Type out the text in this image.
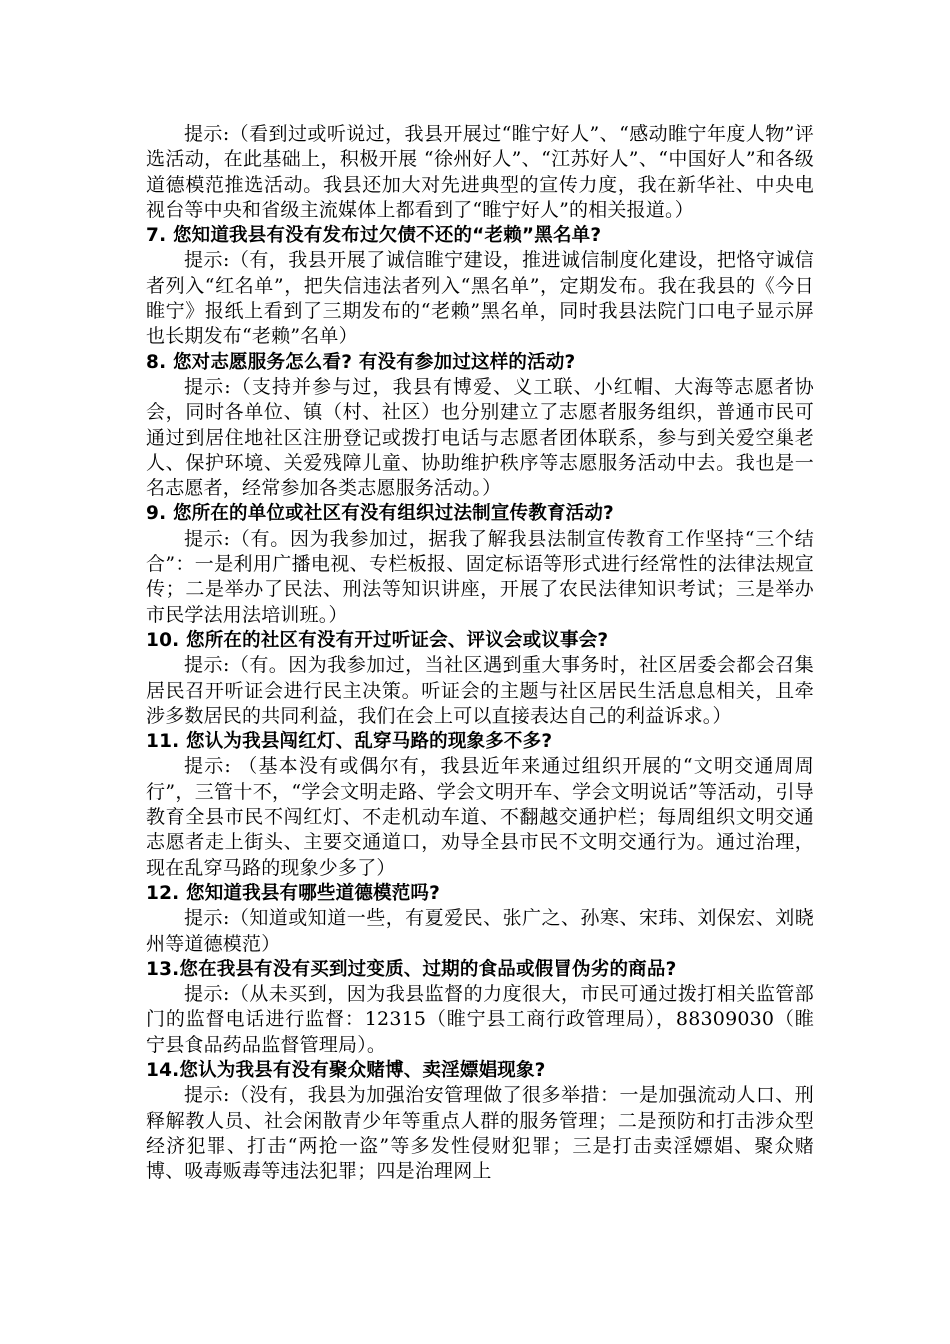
提示:（看到过或听说过，我县开展过“睢宁好人”、“感动睢宁年度人物”评选活动，在此基础上，积极开展 “徐州好人”、“江苏好人”、“中国好人”和各级道德模范推选活动。我县还加大对先进典型的宣传力度，我在新华社、中央电视台等中央和省级主流媒体上都看到了“睢宁好人”的相关报道。）

7. 您知道我县有没有发布过欠债不还的“老赖”黑名单?

提示:（有，我县开展了诚信睢宁建设，推进诚信制度化建设，把恪守诚信者列入“红名单”，把失信违法者列入“黑名单”，定期发布。我在我县的《今日睢宁》报纸上看到了三期发布的“老赖”黑名单，同时我县法院门口电子显示屏也长期发布“老赖”名单）

8. 您对志愿服务怎么看? 有没有参加过这样的活动?

提示:（支持并参与过，我县有博爱、义工联、小红帽、大海等志愿者协会，同时各单位、镇（村、社区）也分别建立了志愿者服务组织，普通市民可通过到居住地社区注册登记或拨打电话与志愿者团体联系，参与到关爱空巢老人、保护环境、关爱残障儿童、协助维护秩序等志愿服务活动中去。我也是一名志愿者，经常参加各类志愿服务活动。）

9. 您所在的单位或社区有没有组织过法制宣传教育活动?

提示:（有。因为我参加过，据我了解我县法制宣传教育工作坚持“三个结合”：一是利用广播电视、专栏板报、固定标语等形式进行经常性的法律法规宣传；二是举办了民法、刑法等知识讲座，开展了农民法律知识考试；三是举办市民学法用法培训班。）

10. 您所在的社区有没有开过听证会、评议会或议事会?

提示:（有。因为我参加过，当社区遇到重大事务时，社区居委会都会召集居民召开听证会进行民主决策。听证会的主题与社区居民生活息息相关，且牵涉多数居民的共同利益，我们在会上可以直接表达自己的利益诉求。）

11. 您认为我县闯红灯、乱穿马路的现象多不多?

提示: （基本没有或偶尔有，我县近年来通过组织开展的“文明交通周周行”，三管十不，“学会文明走路、学会文明开车、学会文明说话”等活动，引导教育全县市民不闯红灯、不走机动车道、不翻越交通护栏；每周组织文明交通志愿者走上街头、主要交通道口，劝导全县市民不文明交通行为。通过治理，现在乱穿马路的现象少多了）

12. 您知道我县有哪些道德模范吗?

提示:（知道或知道一些，有夏爱民、张广之、孙寒、宋玮、刘保宏、刘晓州等道德模范）

13.您在我县有没有买到过变质、过期的食品或假冒伪劣的商品?

提示:（从未买到，因为我县监督的力度很大，市民可通过拨打相关监管部门的监督电话进行监督：12315（睢宁县工商行政管理局），88309030（睢宁县食品药品监督管理局）。

14.您认为我县有没有聚众赌博、卖淫嫖娼现象?

提示:（没有，我县为加强治安管理做了很多举措：一是加强流动人口、刑释解教人员、社会闲散青少年等重点人群的服务管理；二是预防和打击涉众型经济犯罪、打击“两抢一盗”等多发性侵财犯罪；三是打击卖淫嫖娼、聚众赌博、吸毒贩毒等违法犯罪；四是治理网上
